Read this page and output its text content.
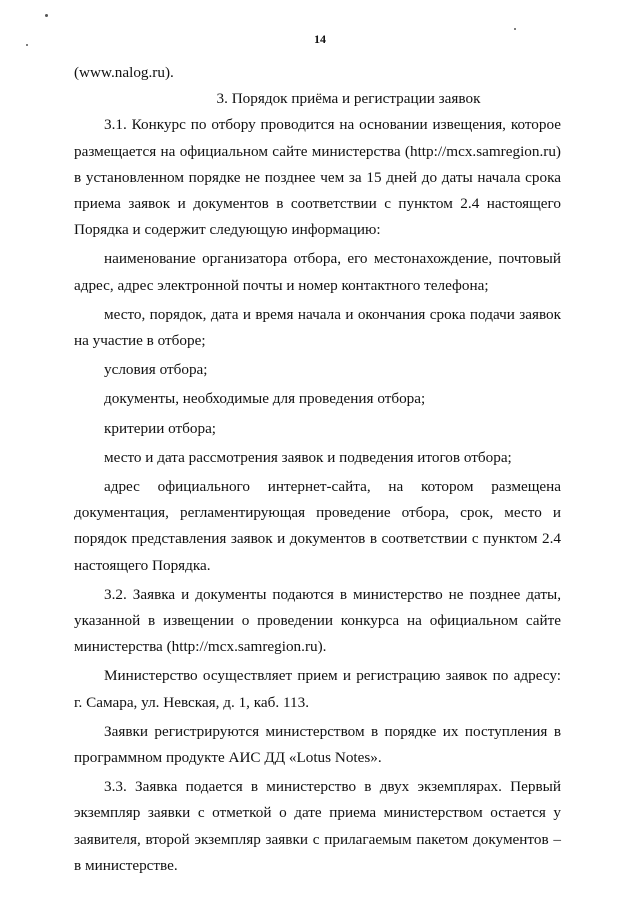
14

(www.nalog.ru).

3. Порядок приёма и регистрации заявок

3.1. Конкурс по отбору проводится на основании извещения, которое размещается на официальном сайте министерства (http://mcx.samregion.ru) в установленном порядке не позднее чем за 15 дней до даты начала срока приема заявок и документов в соответствии с пунктом 2.4 настоящего Порядка и содержит следующую информацию:

наименование организатора отбора, его местонахождение, почтовый адрес, адрес электронной почты и номер контактного телефона;

место, порядок, дата и время начала и окончания срока подачи заявок на участие в отборе;

условия отбора;

документы, необходимые для проведения отбора;

критерии отбора;

место и дата рассмотрения заявок и подведения итогов отбора;

адрес официального интернет-сайта, на котором размещена документация, регламентирующая проведение отбора, срок, место и порядок представления заявок и документов в соответствии с пунктом 2.4 настоящего Порядка.

3.2. Заявка и документы подаются в министерство не позднее даты, указанной в извещении о проведении конкурса на официальном сайте министерства (http://mcx.samregion.ru).

Министерство осуществляет прием и регистрацию заявок по адресу: г. Самара, ул. Невская, д. 1, каб. 113.

Заявки регистрируются министерством в порядке их поступления в программном продукте АИС ДД «Lotus Notes».

3.3. Заявка подается в министерство в двух экземплярах. Первый экземпляр заявки с отметкой о дате приема министерством остается у заявителя, второй экземпляр заявки с прилагаемым пакетом документов – в министерстве.
